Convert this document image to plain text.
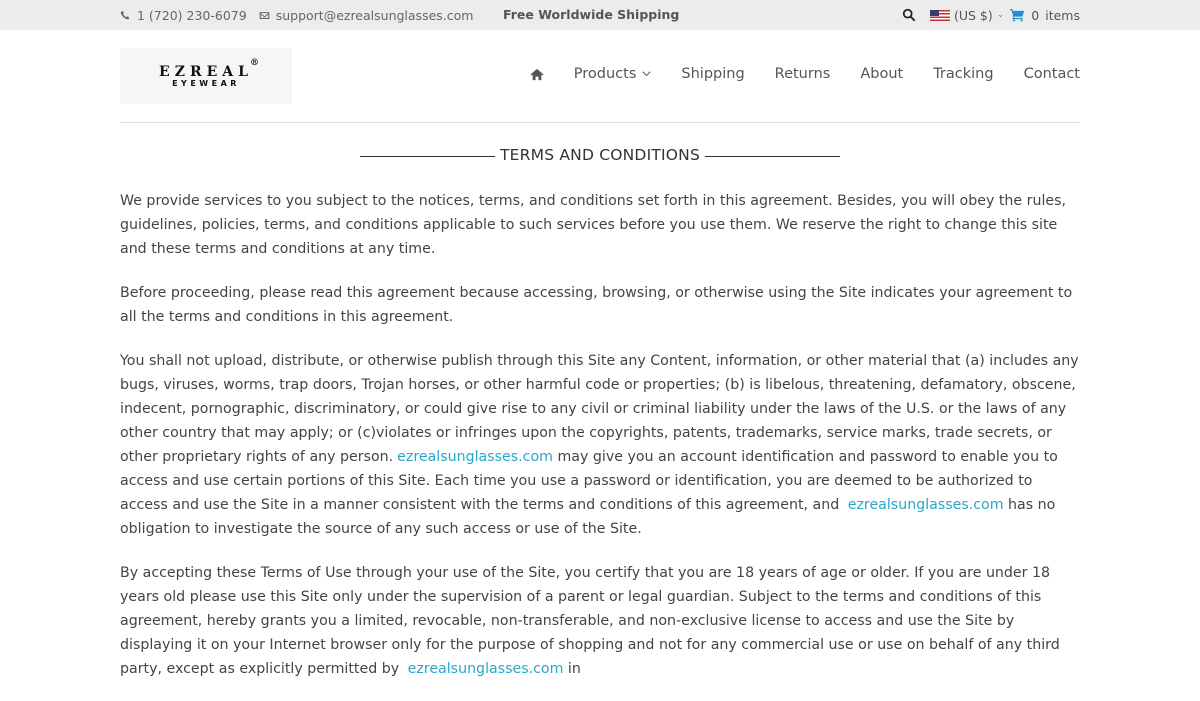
1 (720) 230-6079 support@ezrealsunglasses.com Free Worldwide Shipping	(US $) ⌄ 0 items
EZREAL
®
EYEWEAR
Products	Shipping Returns About Tracking Contact
TERMS AND CONDITIONS

We provide services to you subject to the notices, terms, and conditions set forth in this agreement. Besides, you will obey the rules, guidelines, policies, terms, and conditions applicable to such services before you use them. We reserve the right to change this site and these terms and conditions at any time.

Before proceeding, please read this agreement because accessing, browsing, or otherwise using the Site indicates your agreement to all the terms and conditions in this agreement.

You shall not upload, distribute, or otherwise publish through this Site any Content, information, or other material that (a) includes any bugs, viruses, worms, trap doors, Trojan horses, or other harmful code or properties; (b) is libelous, threatening, defamatory, obscene, indecent, pornographic, discriminatory, or could give rise to any civil or criminal liability under the laws of the U.S. or the laws of any other country that may apply; or (c)violates or infringes upon the copyrights, patents, trademarks, service marks, trade secrets, or other proprietary rights of any person. ezrealsunglasses.com may give you an account identification and password to enable you to access and use certain portions of this Site. Each time you use a password or identification, you are deemed to be authorized to access and use the Site in a manner consistent with the terms and conditions of this agreement, and ezrealsunglasses.com has no obligation to investigate the source of any such access or use of the Site.

By accepting these Terms of Use through your use of the Site, you certify that you are 18 years of age or older. If you are under 18 years old please use this Site only under the supervision of a parent or legal guardian. Subject to the terms and conditions of this agreement, hereby grants you a limited, revocable, non-transferable, and non-exclusive license to access and use the Site by displaying it on your Internet browser only for the purpose of shopping and not for any commercial use or use on behalf of any third party, except as explicitly permitted by ezrealsunglasses.com in
